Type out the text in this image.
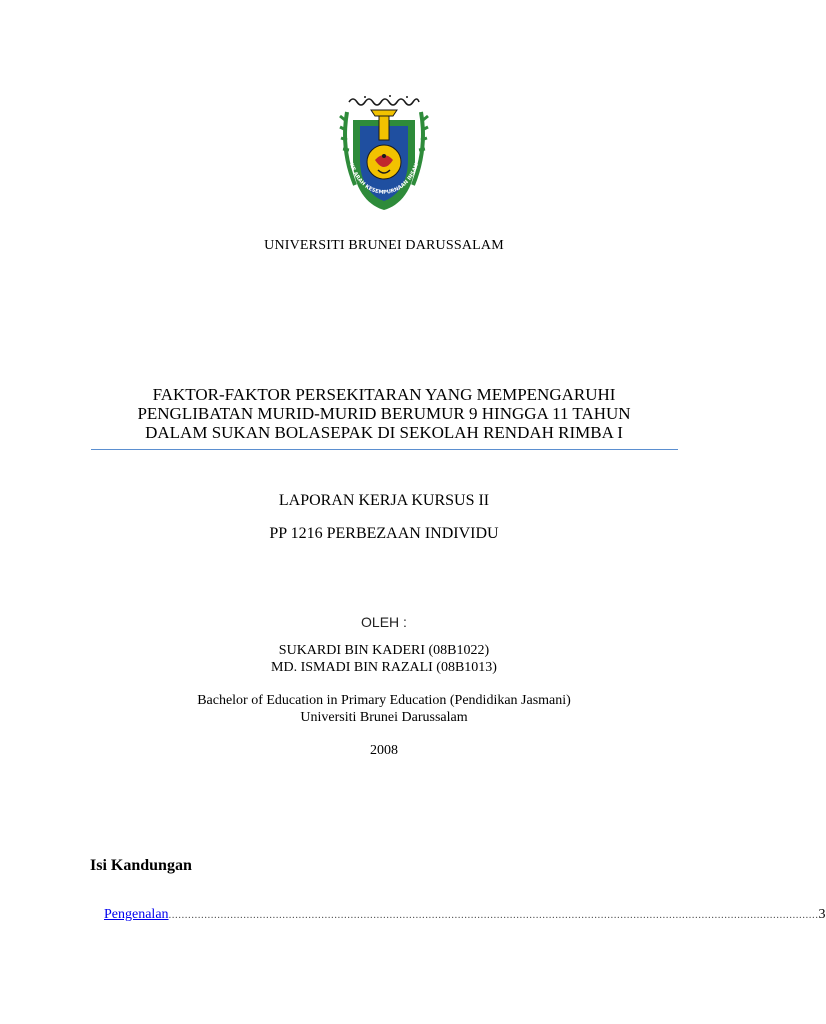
KE ARAH KESEMPURNAAN INSAN
UNIVERSITI BRUNEI DARUSSALAM
FAKTOR-FAKTOR PERSEKITARAN YANG MEMPENGARUHI
PENGLIBATAN MURID-MURID BERUMUR 9 HINGGA 11 TAHUN
DALAM SUKAN BOLASEPAK DI SEKOLAH RENDAH RIMBA I
LAPORAN KERJA KURSUS II
PP 1216 PERBEZAAN INDIVIDU
OLEH :
SUKARDI BIN KADERI (08B1022)
MD. ISMADI BIN RAZALI (08B1013)
Bachelor of Education in Primary Education (Pendidikan Jasmani)
Universiti Brunei Darussalam
2008
Isi Kandungan
Pengenalan ........................................................................................................................................................................................................ 3
